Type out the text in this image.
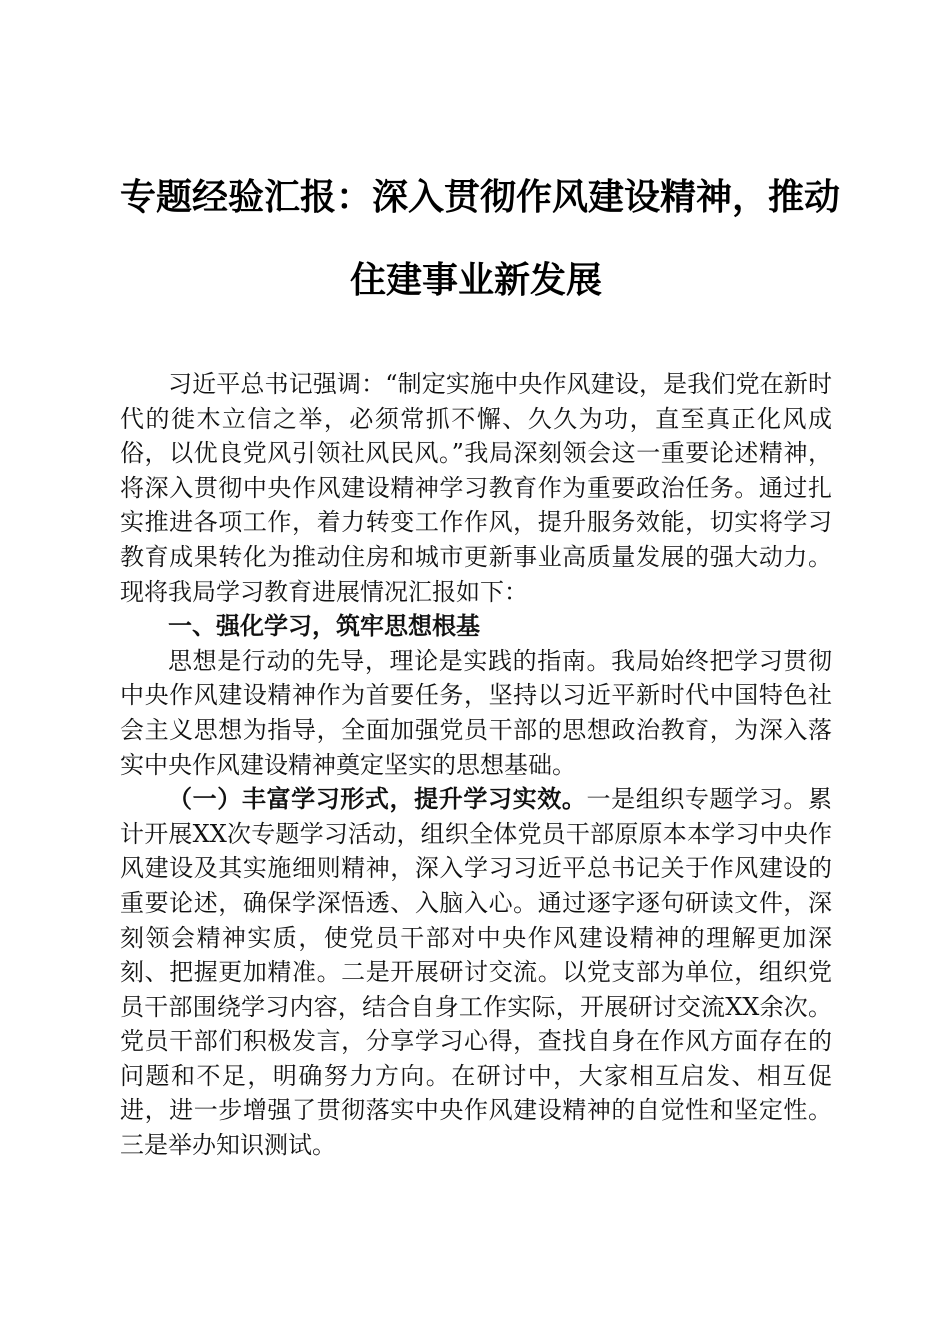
专题经验汇报：深入贯彻作风建设精神，推动
住建事业新发展

习近平总书记强调：“制定实施中央作风建设，是我们党在新时代的徙木立信之举，必须常抓不懈、久久为功，直至真正化风成俗，以优良党风引领社风民风。”我局深刻领会这一重要论述精神，将深入贯彻中央作风建设精神学习教育作为重要政治任务。通过扎实推进各项工作，着力转变工作作风，提升服务效能，切实将学习教育成果转化为推动住房和城市更新事业高质量发展的强大动力。现将我局学习教育进展情况汇报如下：

一、强化学习，筑牢思想根基

思想是行动的先导，理论是实践的指南。我局始终把学习贯彻中央作风建设精神作为首要任务，坚持以习近平新时代中国特色社会主义思想为指导，全面加强党员干部的思想政治教育，为深入落实中央作风建设精神奠定坚实的思想基础。

（一）丰富学习形式，提升学习实效。一是组织专题学习。累计开展XX次专题学习活动，组织全体党员干部原原本本学习中央作风建设及其实施细则精神，深入学习习近平总书记关于作风建设的重要论述，确保学深悟透、入脑入心。通过逐字逐句研读文件，深刻领会精神实质，使党员干部对中央作风建设精神的理解更加深刻、把握更加精准。二是开展研讨交流。以党支部为单位，组织党员干部围绕学习内容，结合自身工作实际，开展研讨交流XX余次。党员干部们积极发言，分享学习心得，查找自身在作风方面存在的问题和不足，明确努力方向。在研讨中，大家相互启发、相互促进，进一步增强了贯彻落实中央作风建设精神的自觉性和坚定性。三是举办知识测试。
